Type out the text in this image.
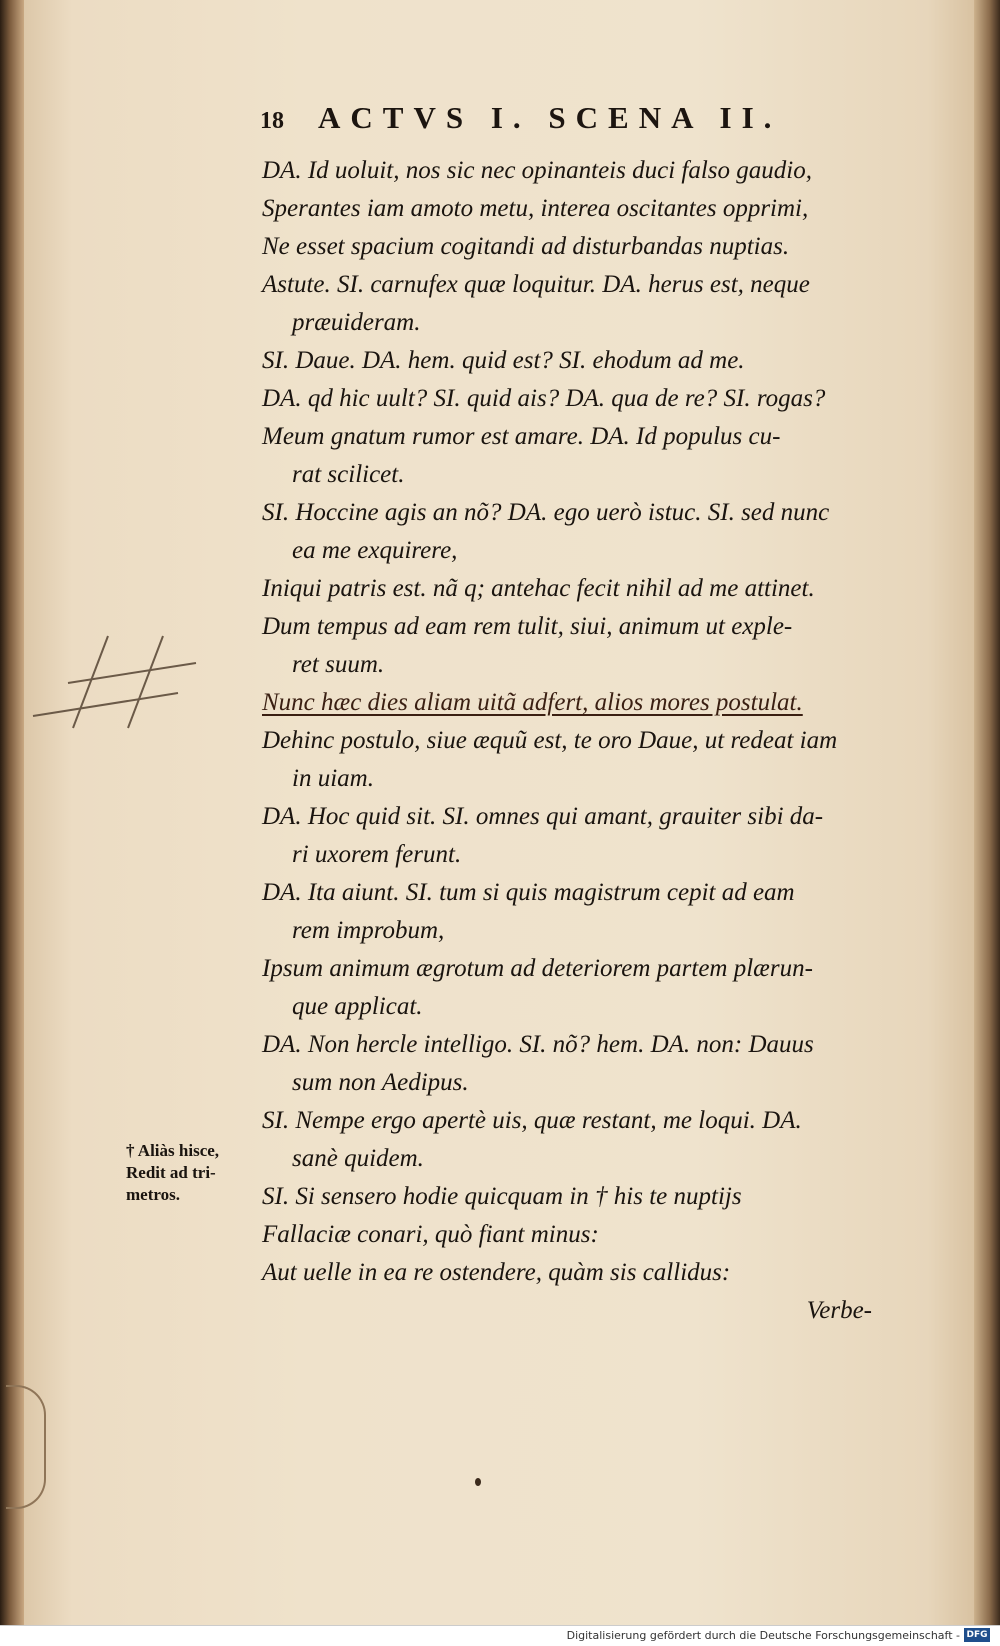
18 ACTVS I. SCENA II.
DA. Id uoluit, nos sic nec opinanteis duci falso gaudio,
Sperantes iam amoto metu, interea oscitantes opprimi,
Ne esset spacium cogitandi ad disturbandas nuptias.
Astute. SI. carnufex quæ loquitur. DA. herus est, neque
præuideram.
SI. Daue. DA. hem. quid est? SI. ehodum ad me.
DA. qd hic uult? SI. quid ais? DA. qua de re? SI. rogas?
Meum gnatum rumor est amare. DA. Id populus cu-
rat scilicet.
SI. Hoccine agis an nõ? DA. ego uerò istuc. SI. sed nunc
ea me exquirere,
Iniqui patris est. nã q; antehac fecit nihil ad me attinet.
Dum tempus ad eam rem tulit, siui, animum ut exple-
ret suum.
Nunc hæc dies aliam uitã adfert, alios mores postulat.
Dehinc postulo, siue æquũ est, te oro Daue, ut redeat iam
in uiam.
DA. Hoc quid sit. SI. omnes qui amant, grauiter sibi da-
ri uxorem ferunt.
DA. Ita aiunt. SI. tum si quis magistrum cepit ad eam
rem improbum,
Ipsum animum ægrotum ad deteriorem partem plærun-
que applicat.
DA. Non hercle intelligo. SI. nõ? hem. DA. non: Dauus
sum non Aedipus.
SI. Nempe ergo apertè uis, quæ restant, me loqui. DA.
sanè quidem.
SI. Si sensero hodie quicquam in † his te nuptijs
Fallaciæ conari, quò fiant minus:
Aut uelle in ea re ostendere, quàm sis callidus:
Verbe-
† Aliàs hisce,
Redit ad tri-
metros.
Digitalisierung gefördert durch die Deutsche Forschungsgemeinschaft - DFG
